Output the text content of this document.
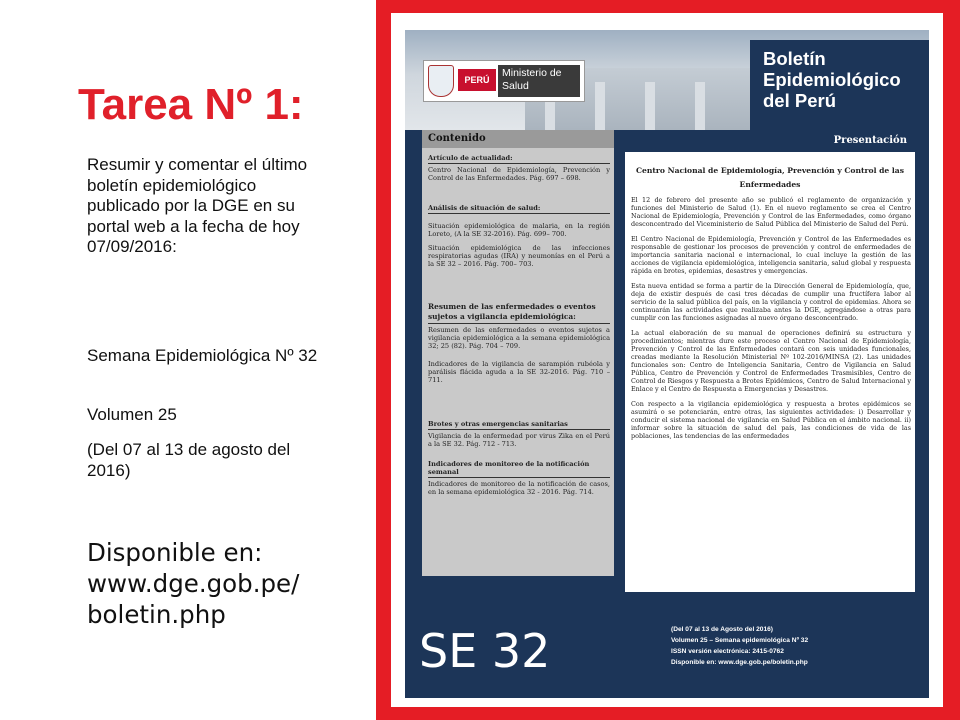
Tarea Nº 1:
Resumir y comentar el último boletín epidemiológico publicado por la DGE en su portal web a la fecha de hoy 07/09/2016:
Semana Epidemiológica Nº 32
Volumen 25
(Del 07 al 13 de agosto del 2016)
Disponible en: www.dge.gob.pe/ boletin.php
PERÚ
Ministerio de Salud
Boletín
Epidemiológico
del Perú
Contenido
Artículo de actualidad:

Centro Nacional de Epidemiología, Prevención y Control de las Enfermedades. Pág. 697 – 698.

Análisis de situación de salud:

Situación epidemiológica de malaria, en la región Loreto, (A la SE 32-2016). Pág. 699– 700.

Situación epidemiológica de las infecciones respiratorias agudas (IRA) y neumonías en el Perú a la SE 32 – 2016. Pág. 700– 703.

Resumen de las enfermedades o eventos sujetos a vigilancia epidemiológica:

Resumen de las enfermedades o eventos sujetos a vigilancia epidemiológica a la semana epidemiológica 32; 25 (82). Pág. 704 – 709.

Indicadores de la vigilancia de sarampión rubéola y parálisis flácida aguda a la SE 32-2016. Pág. 710 – 711.

Brotes y otras emergencias sanitarias

Vigilancia de la enfermedad por virus Zika en el Perú a la SE 32. Pág. 712 - 713.

Indicadores de monitoreo de la notificación semanal

Indicadores de monitoreo de la notificación de casos, en la semana epidemiológica 32 - 2016. Pág. 714.

Presentación
Centro Nacional de Epidemiología, Prevención y Control de las Enfermedades

El 12 de febrero del presente año se publicó el reglamento de organización y funciones del Ministerio de Salud (1). En el nuevo reglamento se crea el Centro Nacional de Epidemiología, Prevención y Control de las Enfermedades, como órgano desconcentrado del Viceministerio de Salud Pública del Ministerio de Salud del Perú.

El Centro Nacional de Epidemiología, Prevención y Control de las Enfermedades es responsable de gestionar los procesos de prevención y control de enfermedades de importancia sanitaria nacional e internacional, lo cual incluye la gestión de las acciones de vigilancia epidemiológica, inteligencia sanitaria, salud global y respuesta rápida en brotes, epidemias, desastres y emergencias.

Esta nueva entidad se forma a partir de la Dirección General de Epidemiología, que, deja de existir después de casi tres décadas de cumplir una fructífera labor al servicio de la salud pública del país, en la vigilancia y control de epidemias. Ahora se continuarán las actividades que realizaba antes la DGE, agregándose a otras para cumplir con las funciones asignadas al nuevo órgano desconcentrado.

La actual elaboración de su manual de operaciones definirá su estructura y procedimientos; mientras dure este proceso el Centro Nacional de Epidemiología, Prevención y Control de las Enfermedades contará con seis unidades funcionales, creadas mediante la Resolución Ministerial Nº 102-2016/MINSA (2). Las unidades funcionales son: Centro de Inteligencia Sanitaria, Centro de Vigilancia en Salud Pública, Centro de Prevención y Control de Enfermedades Trasmisibles, Centro de Control de Riesgos y Respuesta a Brotes Epidémicos, Centro de Salud Internacional y Enlace y el Centro de Respuesta a Emergencias y Desastres.

Con respecto a la vigilancia epidemiológica y respuesta a brotes epidémicos se asumirá o se potenciarán, entre otras, las siguientes actividades: i) Desarrollar y conducir el sistema nacional de vigilancia en Salud Pública en el ámbito nacional. ii) informar sobre la situación de salud del país, las condiciones de vida de las poblaciones, las tendencias de las enfermedades

SE 32	(Del 07 al 13 de Agosto del 2016)
Volumen 25 – Semana epidemiológica Nº 32
ISSN versión electrónica: 2415-0762
Disponible en: www.dge.gob.pe/boletin.php
